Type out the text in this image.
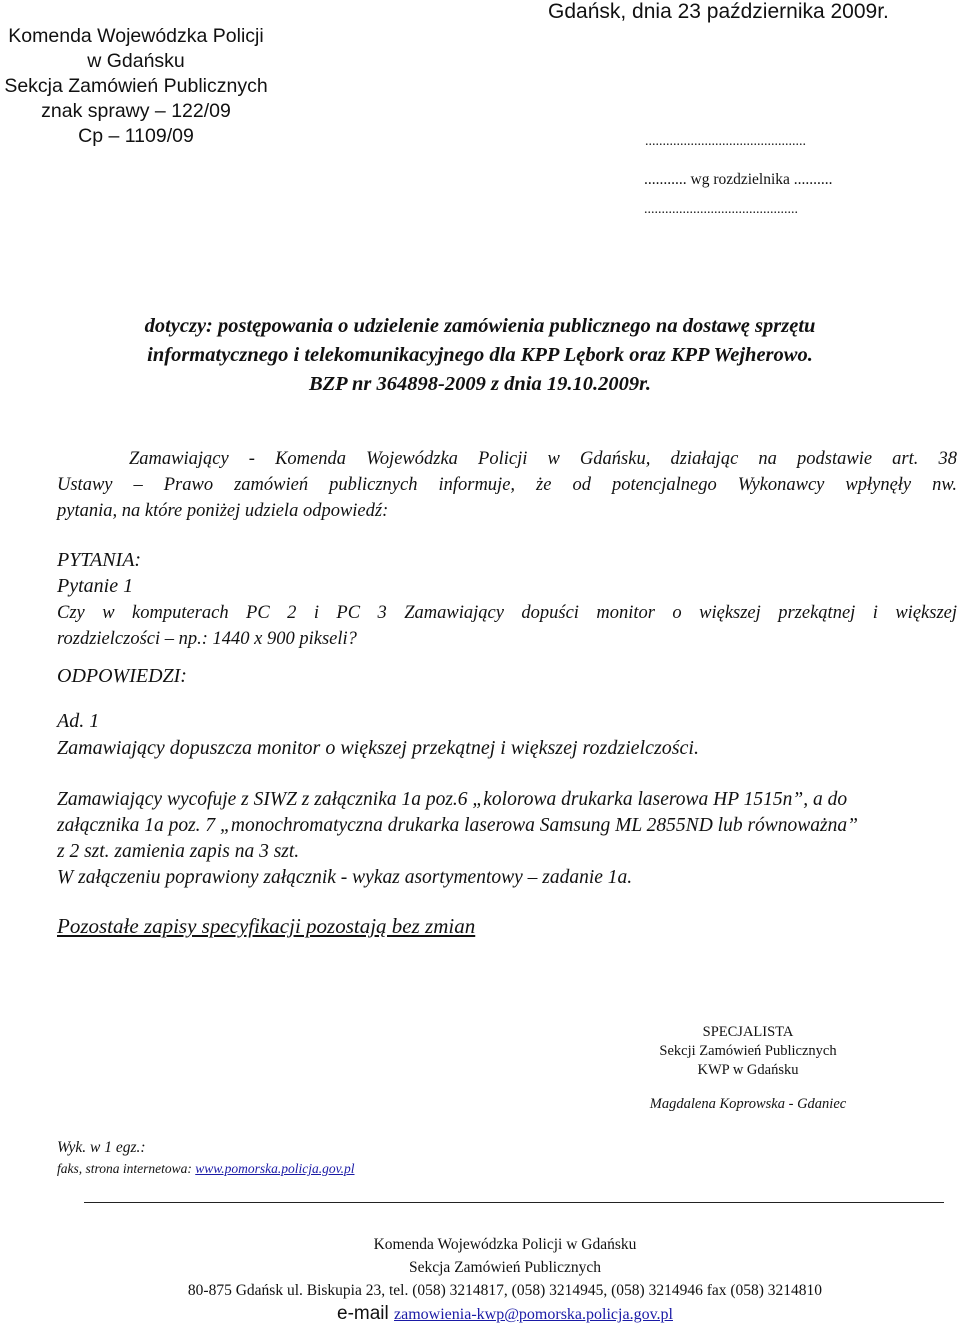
Komenda Wojewódzka Policji
w Gdańsku
Sekcja Zamówień Publicznych
znak sprawy – 122/09
Cp – 1109/09
Gdańsk, dnia 23 października 2009r.
..............................................
........... wg rozdzielnika ..........
............................................
dotyczy: postępowania o udzielenie zamówienia publicznego na dostawę sprzętu
informatycznego i telekomunikacyjnego dla KPP Lębork oraz KPP Wejherowo.
BZP nr 364898-2009 z dnia 19.10.2009r.
Zamawiający - Komenda Wojewódzka Policji w Gdańsku, działając na podstawie art. 38
Ustawy – Prawo zamówień publicznych informuje, że od potencjalnego Wykonawcy wpłynęły nw.
pytania, na które poniżej udziela odpowiedź:
PYTANIA:
Pytanie 1
Czy w komputerach PC 2 i PC 3 Zamawiający dopuści monitor o większej przekątnej i większej
rozdzielczości – np.: 1440 x 900 pikseli?
ODPOWIEDZI:
Ad. 1
Zamawiający dopuszcza monitor o większej przekątnej i większej rozdzielczości.
Zamawiający wycofuje z SIWZ z załącznika 1a poz.6 „kolorowa drukarka laserowa HP 1515n”, a do
załącznika 1a poz. 7 „monochromatyczna drukarka laserowa Samsung ML 2855ND lub równoważna”
z 2 szt. zamienia zapis na 3 szt.
W załączeniu poprawiony załącznik - wykaz asortymentowy – zadanie 1a.
Pozostałe zapisy specyfikacji pozostają bez zmian
SPECJALISTA
Sekcji Zamówień Publicznych
KWP w Gdańsku
Magdalena Koprowska - Gdaniec
Wyk. w 1 egz.:
faks, strona internetowa: www.pomorska.policja.gov.pl
Komenda Wojewódzka Policji w Gdańsku
Sekcja Zamówień Publicznych
80-875 Gdańsk ul. Biskupia 23, tel. (058) 3214817, (058) 3214945, (058) 3214946 fax (058) 3214810
e-mail zamowienia-kwp@pomorska.policja.gov.pl
